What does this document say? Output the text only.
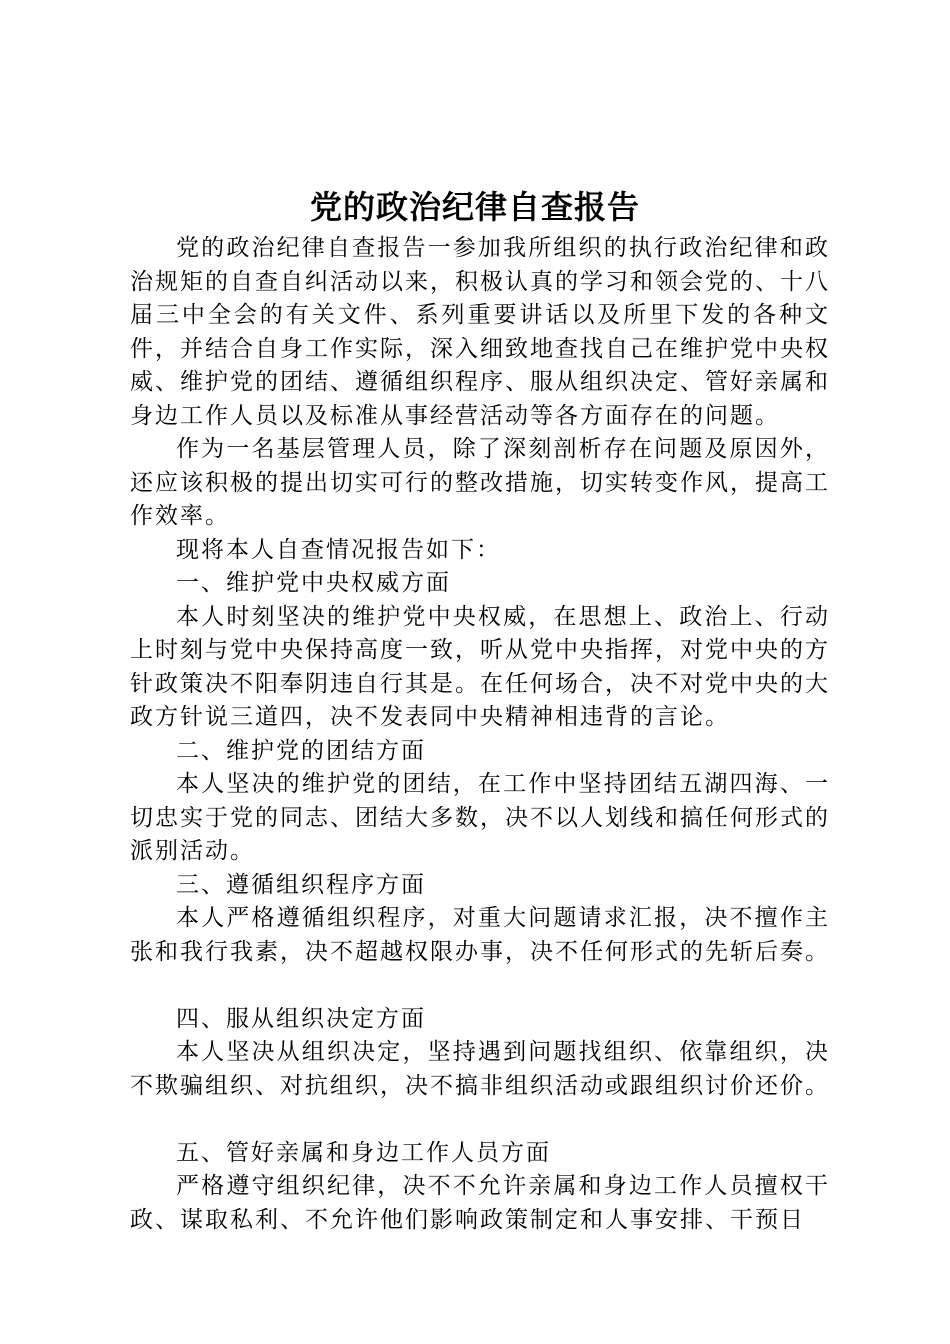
党的政治纪律自查报告

党的政治纪律自查报告一参加我所组织的执行政治纪律和政治规矩的自查自纠活动以来，积极认真的学习和领会党的、十八届三中全会的有关文件、系列重要讲话以及所里下发的各种文件，并结合自身工作实际，深入细致地查找自己在维护党中央权威、维护党的团结、遵循组织程序、服从组织决定、管好亲属和身边工作人员以及标准从事经营活动等各方面存在的问题。

作为一名基层管理人员，除了深刻剖析存在问题及原因外，还应该积极的提出切实可行的整改措施，切实转变作风，提高工作效率。

现将本人自查情况报告如下：

一、维护党中央权威方面

本人时刻坚决的维护党中央权威，在思想上、政治上、行动上时刻与党中央保持高度一致，听从党中央指挥，对党中央的方针政策决不阳奉阴违自行其是。在任何场合，决不对党中央的大政方针说三道四，决不发表同中央精神相违背的言论。

二、维护党的团结方面

本人坚决的维护党的团结，在工作中坚持团结五湖四海、一切忠实于党的同志、团结大多数，决不以人划线和搞任何形式的派别活动。

三、遵循组织程序方面

本人严格遵循组织程序，对重大问题请求汇报，决不擅作主张和我行我素，决不超越权限办事，决不任何形式的先斩后奏。

四、服从组织决定方面

本人坚决从组织决定，坚持遇到问题找组织、依靠组织，决不欺骗组织、对抗组织，决不搞非组织活动或跟组织讨价还价。

五、管好亲属和身边工作人员方面

严格遵守组织纪律，决不不允许亲属和身边工作人员擅权干政、谋取私利、不允许他们影响政策制定和人事安排、干预日
